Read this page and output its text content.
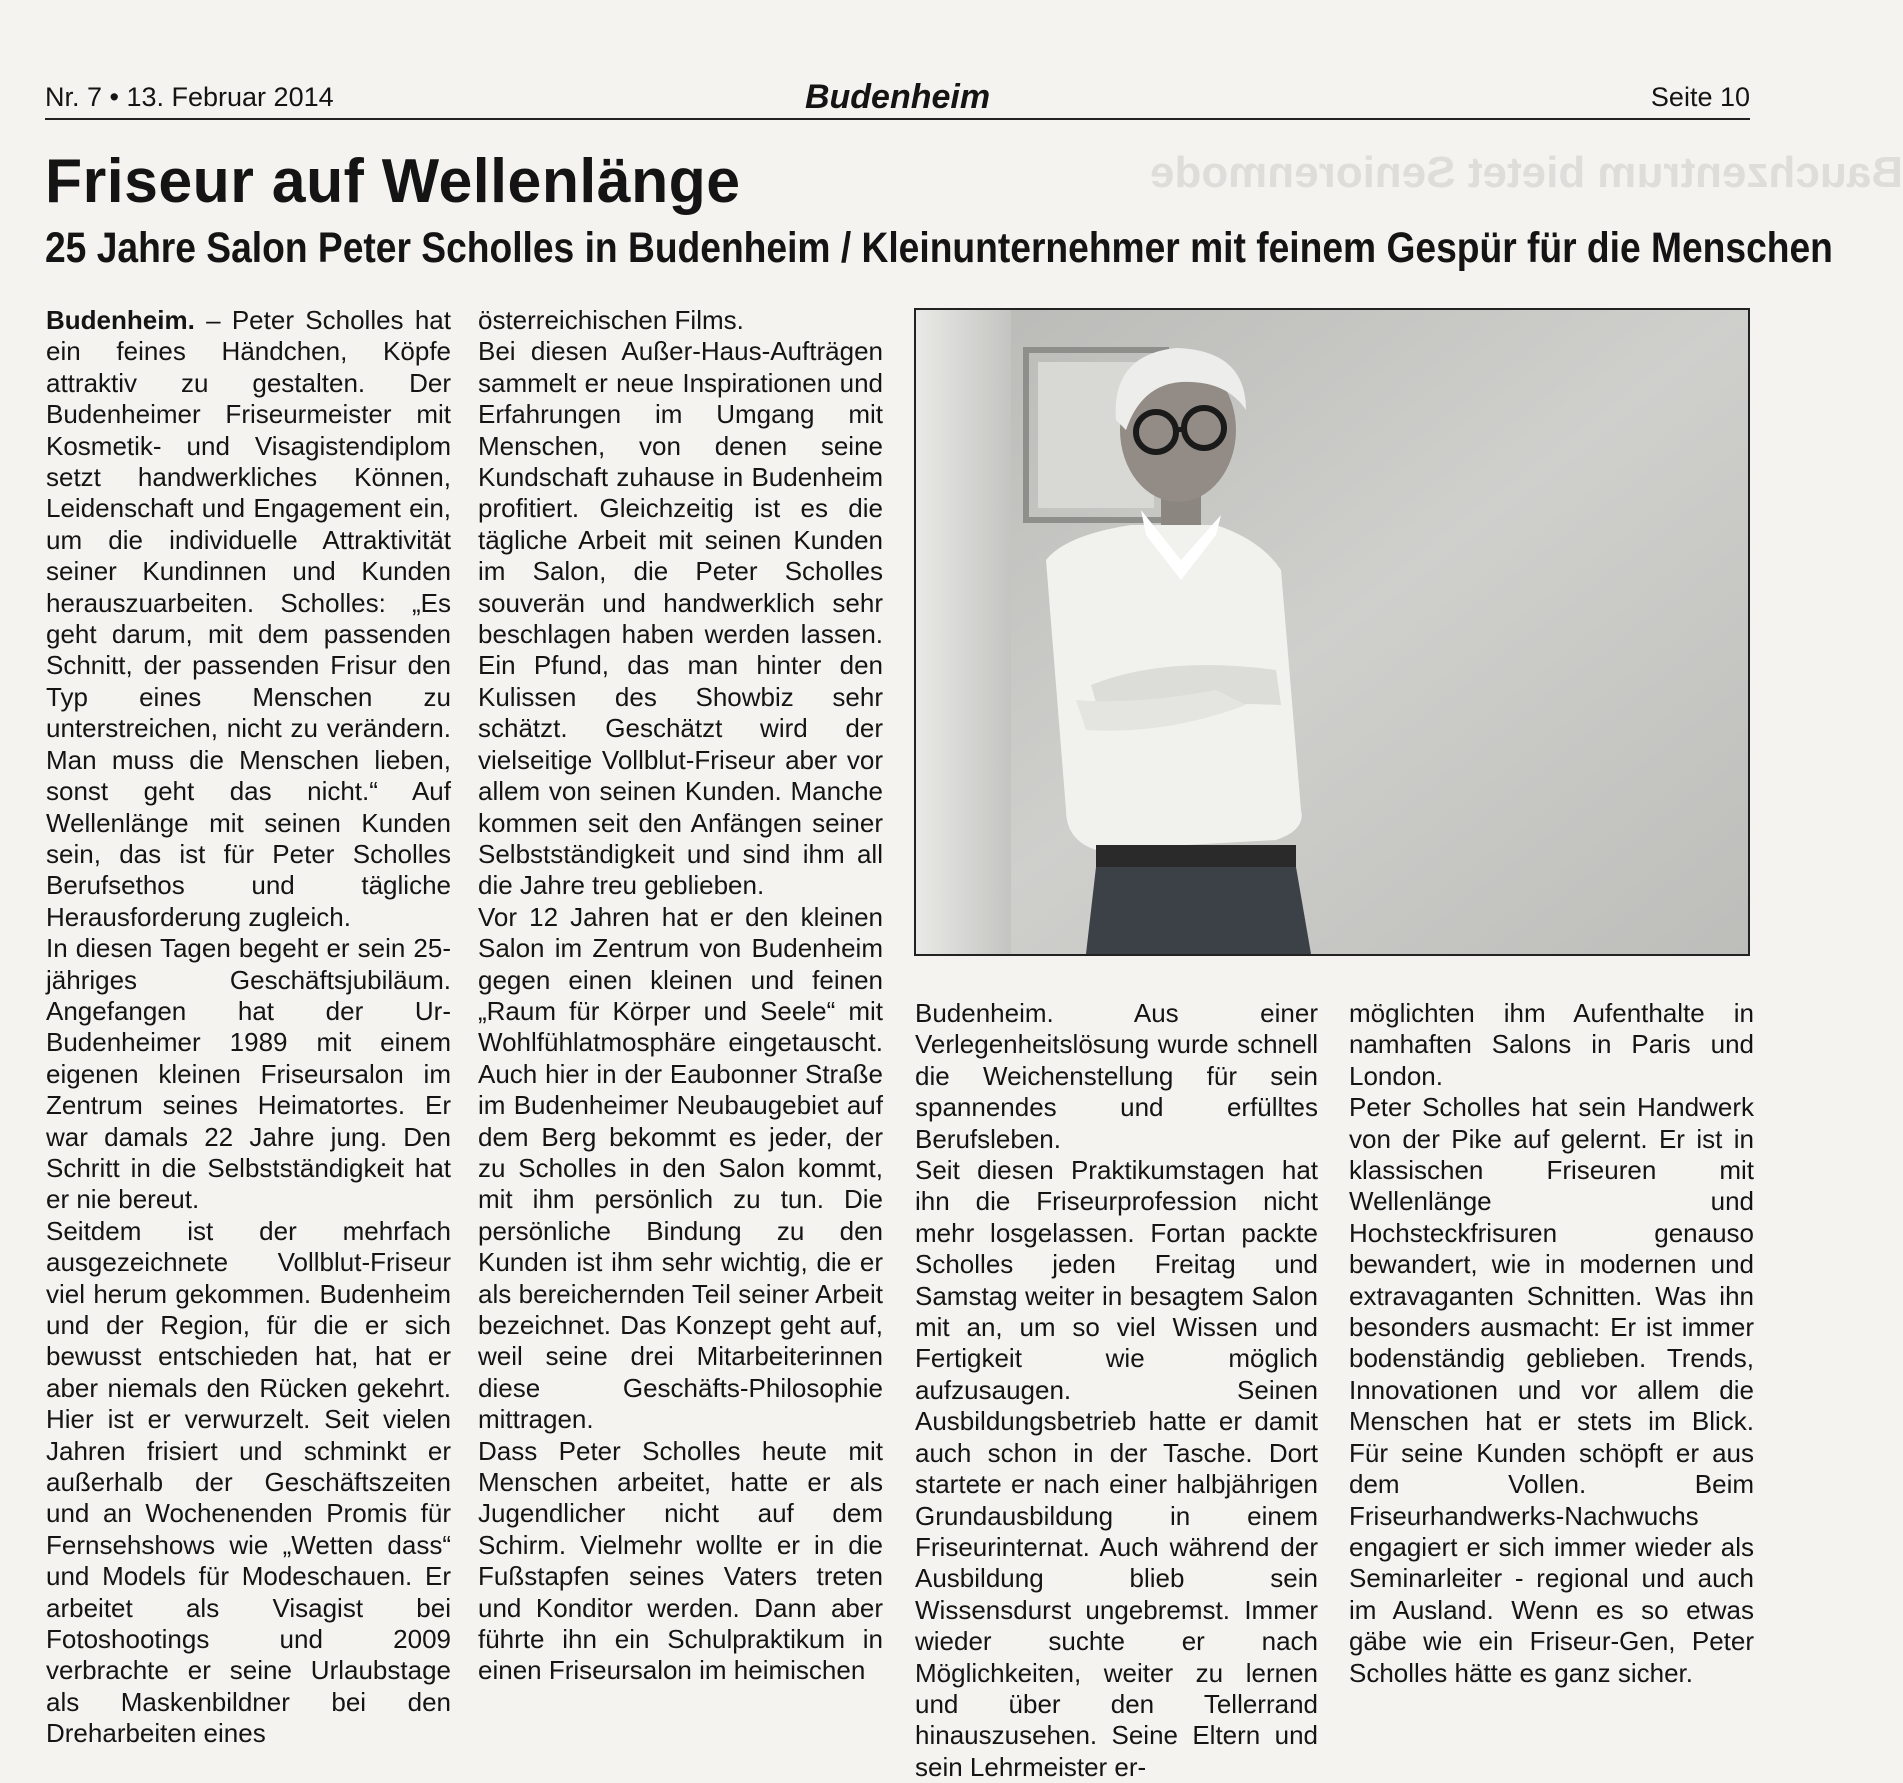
Bauchzentrum bietet Seniorenmode
Nr. 7 • 13. Februar 2014	Budenheim	Seite 10
Friseur auf Wellenlänge
25 Jahre Salon Peter Scholles in Budenheim / Kleinunternehmer mit feinem Gespür für die Menschen

Budenheim. – Peter Scholles hat ein feines Händchen, Köpfe attraktiv zu gestalten. Der Budenheimer Friseurmeister mit Kosmetik- und Visagistendiplom setzt handwerkliches Können, Leidenschaft und Engagement ein, um die individuelle Attraktivität seiner Kundinnen und Kunden herauszuarbeiten. Scholles: „Es geht darum, mit dem passenden Schnitt, der passenden Frisur den Typ eines Menschen zu unterstreichen, nicht zu verändern. Man muss die Menschen lieben, sonst geht das nicht.“ Auf Wellenlänge mit seinen Kunden sein, das ist für Peter Scholles Berufsethos und tägliche Herausforderung zugleich.

In diesen Tagen begeht er sein 25-jähriges Geschäftsjubiläum. Angefangen hat der Ur-Budenheimer 1989 mit einem eigenen kleinen Friseursalon im Zentrum seines Heimatortes. Er war damals 22 Jahre jung. Den Schritt in die Selbstständigkeit hat er nie bereut.

Seitdem ist der mehrfach ausgezeichnete Vollblut-Friseur viel herum gekommen. Budenheim und der Region, für die er sich bewusst entschieden hat, hat er aber niemals den Rücken gekehrt. Hier ist er verwurzelt. Seit vielen Jahren frisiert und schminkt er außerhalb der Geschäftszeiten und an Wochenenden Promis für Fernsehshows wie „Wetten dass“ und Models für Modeschauen. Er arbeitet als Visagist bei Fotoshootings und 2009 verbrachte er seine Urlaubstage als Maskenbildner bei den Dreharbeiten eines

österreichischen Films.

Bei diesen Außer-Haus-Aufträgen sammelt er neue Inspirationen und Erfahrungen im Umgang mit Menschen, von denen seine Kundschaft zuhause in Budenheim profitiert. Gleichzeitig ist es die tägliche Arbeit mit seinen Kunden im Salon, die Peter Scholles souverän und handwerklich sehr beschlagen haben werden lassen. Ein Pfund, das man hinter den Kulissen des Showbiz sehr schätzt. Geschätzt wird der vielseitige Vollblut-Friseur aber vor allem von seinen Kunden. Manche kommen seit den Anfängen seiner Selbstständigkeit und sind ihm all die Jahre treu geblieben.

Vor 12 Jahren hat er den kleinen Salon im Zentrum von Budenheim gegen einen kleinen und feinen „Raum für Körper und Seele“ mit Wohlfühlatmosphäre eingetauscht. Auch hier in der Eaubonner Straße im Budenheimer Neubaugebiet auf dem Berg bekommt es jeder, der zu Scholles in den Salon kommt, mit ihm persönlich zu tun. Die persönliche Bindung zu den Kunden ist ihm sehr wichtig, die er als bereichernden Teil seiner Arbeit bezeichnet. Das Konzept geht auf, weil seine drei Mitarbeiterinnen diese Geschäfts-Philosophie mittragen.

Dass Peter Scholles heute mit Menschen arbeitet, hatte er als Jugendlicher nicht auf dem Schirm. Vielmehr wollte er in die Fußstapfen seines Vaters treten und Konditor werden. Dann aber führte ihn ein Schulpraktikum in einen Friseursalon im heimischen

Budenheim. Aus einer Verlegenheitslösung wurde schnell die Weichenstellung für sein spannendes und erfülltes Berufsleben.

Seit diesen Praktikumstagen hat ihn die Friseurprofession nicht mehr losgelassen. Fortan packte Scholles jeden Freitag und Samstag weiter in besagtem Salon mit an, um so viel Wissen und Fertigkeit wie möglich aufzusaugen. Seinen Ausbildungsbetrieb hatte er damit auch schon in der Tasche. Dort startete er nach einer halbjährigen Grundausbildung in einem Friseurinternat. Auch während der Ausbildung blieb sein Wissensdurst ungebremst. Immer wieder suchte er nach Möglichkeiten, weiter zu lernen und über den Tellerrand hinauszusehen. Seine Eltern und sein Lehrmeister er-

möglichten ihm Aufenthalte in namhaften Salons in Paris und London.

Peter Scholles hat sein Handwerk von der Pike auf gelernt. Er ist in klassischen Friseuren mit Wellenlänge und Hochsteckfrisuren genauso bewandert, wie in modernen und extravaganten Schnitten. Was ihn besonders ausmacht: Er ist immer bodenständig geblieben. Trends, Innovationen und vor allem die Menschen hat er stets im Blick. Für seine Kunden schöpft er aus dem Vollen. Beim Friseurhandwerks-Nachwuchs engagiert er sich immer wieder als Seminarleiter - regional und auch im Ausland. Wenn es so etwas gäbe wie ein Friseur-Gen, Peter Scholles hätte es ganz sicher.
